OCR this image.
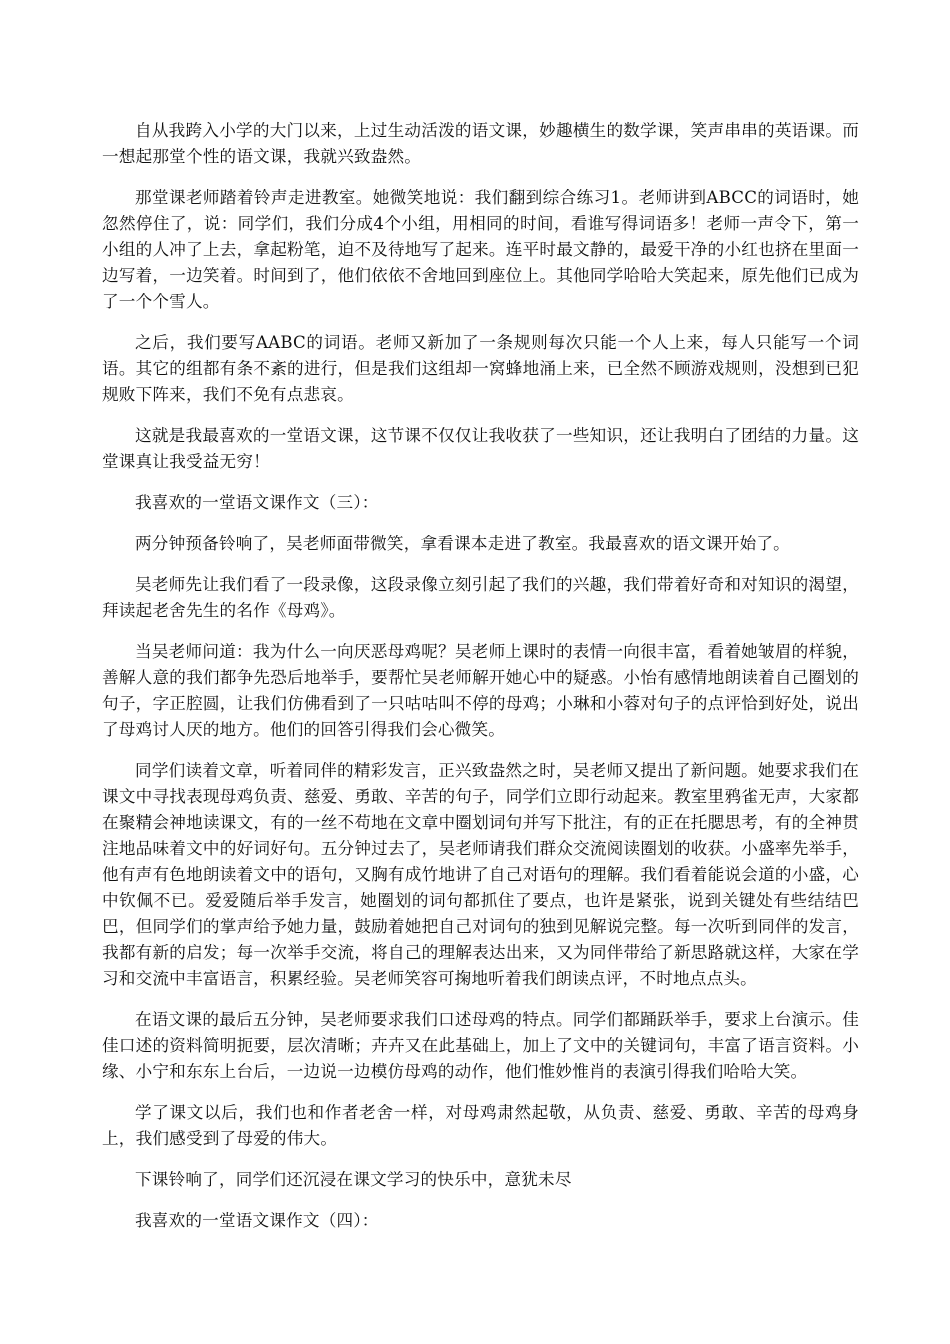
自从我跨入小学的大门以来，上过生动活泼的语文课，妙趣横生的数学课，笑声串串的英语课。而一想起那堂个性的语文课，我就兴致盎然。

那堂课老师踏着铃声走进教室。她微笑地说：我们翻到综合练习1。老师讲到ABCC的词语时，她忽然停住了，说：同学们，我们分成4个小组，用相同的时间，看谁写得词语多！老师一声令下，第一小组的人冲了上去，拿起粉笔，迫不及待地写了起来。连平时最文静的，最爱干净的小红也挤在里面一边写着，一边笑着。时间到了，他们依依不舍地回到座位上。其他同学哈哈大笑起来，原先他们已成为了一个个雪人。

之后，我们要写AABC的词语。老师又新加了一条规则每次只能一个人上来，每人只能写一个词语。其它的组都有条不紊的进行，但是我们这组却一窝蜂地涌上来，已全然不顾游戏规则，没想到已犯规败下阵来，我们不免有点悲哀。

这就是我最喜欢的一堂语文课，这节课不仅仅让我收获了一些知识，还让我明白了团结的力量。这堂课真让我受益无穷！

我喜欢的一堂语文课作文（三）：

两分钟预备铃响了，吴老师面带微笑，拿看课本走进了教室。我最喜欢的语文课开始了。

吴老师先让我们看了一段录像，这段录像立刻引起了我们的兴趣，我们带着好奇和对知识的渴望，拜读起老舍先生的名作《母鸡》。

当吴老师问道：我为什么一向厌恶母鸡呢？吴老师上课时的表情一向很丰富，看着她皱眉的样貌，善解人意的我们都争先恐后地举手，要帮忙吴老师解开她心中的疑惑。小怡有感情地朗读着自己圈划的句子，字正腔圆，让我们仿佛看到了一只咕咕叫不停的母鸡；小琳和小蓉对句子的点评恰到好处，说出了母鸡讨人厌的地方。他们的回答引得我们会心微笑。

同学们读着文章，听着同伴的精彩发言，正兴致盎然之时，吴老师又提出了新问题。她要求我们在课文中寻找表现母鸡负责、慈爱、勇敢、辛苦的句子，同学们立即行动起来。教室里鸦雀无声，大家都在聚精会神地读课文，有的一丝不苟地在文章中圈划词句并写下批注，有的正在托腮思考，有的全神贯注地品味着文中的好词好句。五分钟过去了，吴老师请我们群众交流阅读圈划的收获。小盛率先举手，他有声有色地朗读着文中的语句，又胸有成竹地讲了自己对语句的理解。我们看着能说会道的小盛，心中钦佩不已。爱爱随后举手发言，她圈划的词句都抓住了要点，也许是紧张，说到关键处有些结结巴巴，但同学们的掌声给予她力量，鼓励着她把自己对词句的独到见解说完整。每一次听到同伴的发言，我都有新的启发；每一次举手交流，将自己的理解表达出来，又为同伴带给了新思路就这样，大家在学习和交流中丰富语言，积累经验。吴老师笑容可掬地听着我们朗读点评，不时地点点头。

在语文课的最后五分钟，吴老师要求我们口述母鸡的特点。同学们都踊跃举手，要求上台演示。佳佳口述的资料简明扼要，层次清晰；卉卉又在此基础上，加上了文中的关键词句，丰富了语言资料。小缘、小宁和东东上台后，一边说一边模仿母鸡的动作，他们惟妙惟肖的表演引得我们哈哈大笑。

学了课文以后，我们也和作者老舍一样，对母鸡肃然起敬，从负责、慈爱、勇敢、辛苦的母鸡身上，我们感受到了母爱的伟大。

下课铃响了，同学们还沉浸在课文学习的快乐中，意犹未尽

我喜欢的一堂语文课作文（四）：
